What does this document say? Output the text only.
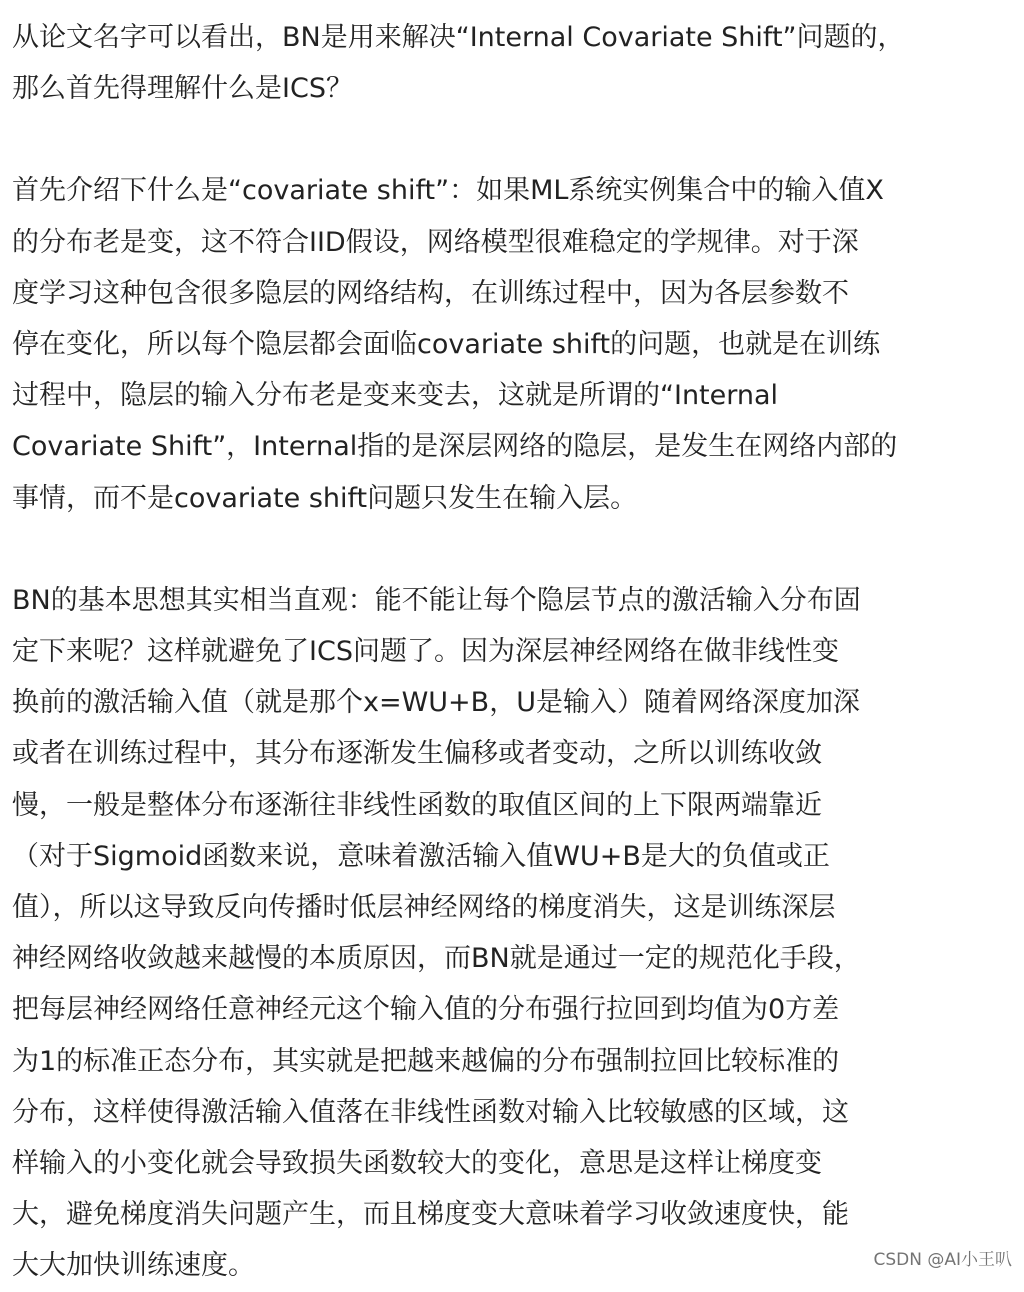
从论文名字可以看出，BN是用来解决“Internal Covariate Shift”问题的，
那么首先得理解什么是ICS？

首先介绍下什么是“covariate shift”：如果ML系统实例集合中的输入值X
的分布老是变，这不符合IID假设，网络模型很难稳定的学规律。对于深
度学习这种包含很多隐层的网络结构，在训练过程中，因为各层参数不
停在变化，所以每个隐层都会面临covariate shift的问题，也就是在训练
过程中，隐层的输入分布老是变来变去，这就是所谓的“Internal
Covariate Shift”，Internal指的是深层网络的隐层，是发生在网络内部的
事情，而不是covariate shift问题只发生在输入层。

BN的基本思想其实相当直观：能不能让每个隐层节点的激活输入分布固
定下来呢？这样就避免了ICS问题了。因为深层神经网络在做非线性变
换前的激活输入值（就是那个x=WU+B，U是输入）随着网络深度加深
或者在训练过程中，其分布逐渐发生偏移或者变动，之所以训练收敛
慢，一般是整体分布逐渐往非线性函数的取值区间的上下限两端靠近
（对于Sigmoid函数来说，意味着激活输入值WU+B是大的负值或正
值），所以这导致反向传播时低层神经网络的梯度消失，这是训练深层
神经网络收敛越来越慢的本质原因，而BN就是通过一定的规范化手段，
把每层神经网络任意神经元这个输入值的分布强行拉回到均值为0方差
为1的标准正态分布，其实就是把越来越偏的分布强制拉回比较标准的
分布，这样使得激活输入值落在非线性函数对输入比较敏感的区域，这
样输入的小变化就会导致损失函数较大的变化，意思是这样让梯度变
大，避免梯度消失问题产生，而且梯度变大意味着学习收敛速度快，能
大大加快训练速度。	CSDN @AI小王叭
